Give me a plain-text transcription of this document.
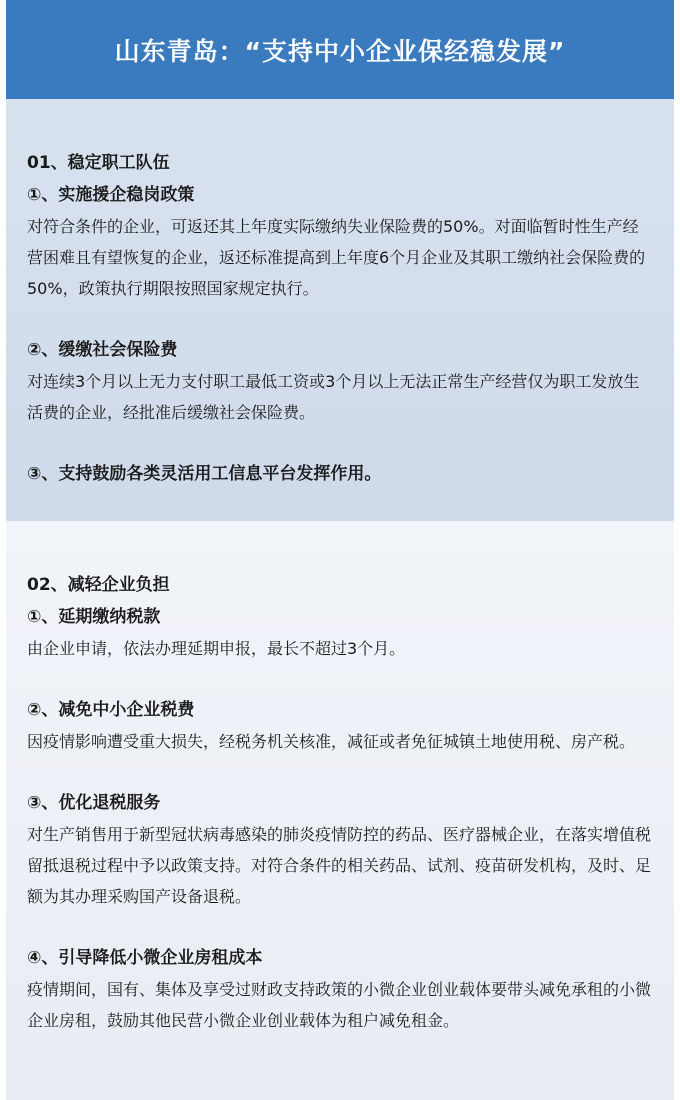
山东青岛：“支持中小企业保经稳发展”
01、稳定职工队伍
①、实施援企稳岗政策

对符合条件的企业，可返还其上年度实际缴纳失业保险费的50%。对面临暂时性生产经营困难且有望恢复的企业，返还标准提高到上年度6个月企业及其职工缴纳社会保险费的50%，政策执行期限按照国家规定执行。

②、缓缴社会保险费

对连续3个月以上无力支付职工最低工资或3个月以上无法正常生产经营仅为职工发放生活费的企业，经批准后缓缴社会保险费。

③、支持鼓励各类灵活用工信息平台发挥作用。
02、减轻企业负担
①、延期缴纳税款

由企业申请，依法办理延期申报，最长不超过3个月。

②、减免中小企业税费

因疫情影响遭受重大损失，经税务机关核准，减征或者免征城镇土地使用税、房产税。

③、优化退税服务

对生产销售用于新型冠状病毒感染的肺炎疫情防控的药品、医疗器械企业，在落实增值税留抵退税过程中予以政策支持。对符合条件的相关药品、试剂、疫苗研发机构，及时、足额为其办理采购国产设备退税。

④、引导降低小微企业房租成本

疫情期间，国有、集体及享受过财政支持政策的小微企业创业载体要带头减免承租的小微企业房租，鼓励其他民营小微企业创业载体为租户减免租金。
